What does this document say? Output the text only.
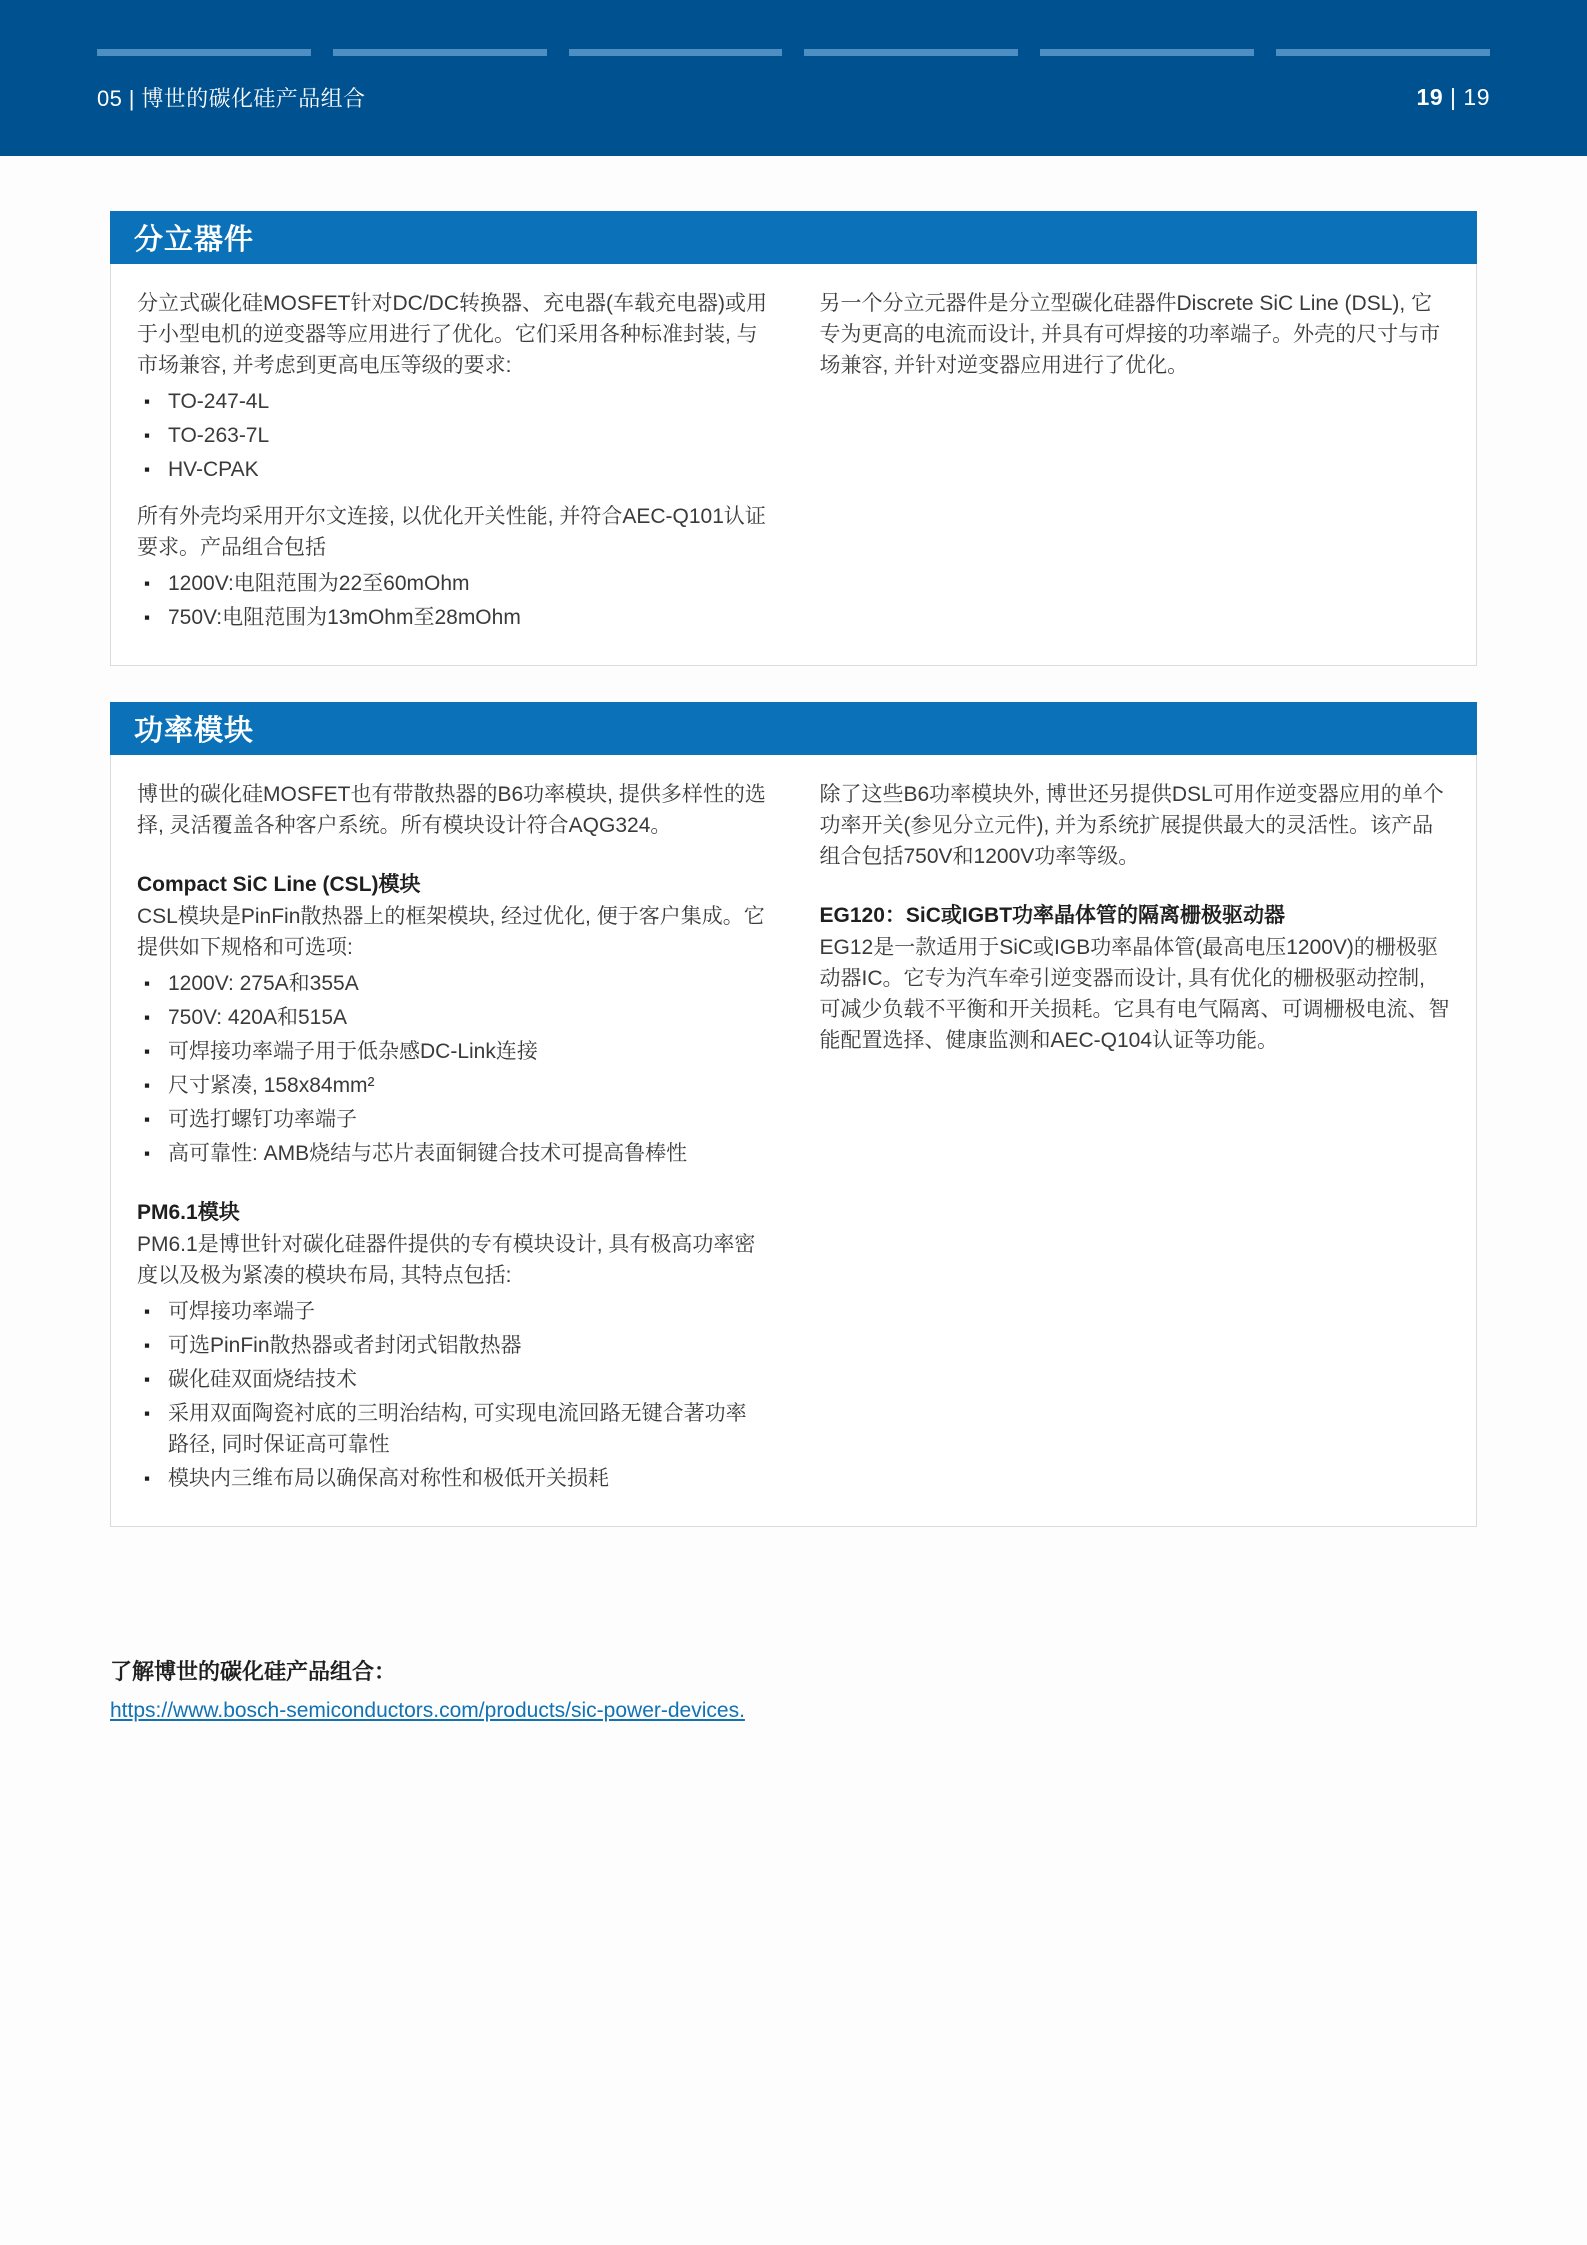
05 | 博世的碳化硅产品组合	19 | 19
分立器件

分立式碳化硅MOSFET针对DC/DC转换器、充电器(车载充电器)或用于小型电机的逆变器等应用进行了优化。它们采用各种标准封装, 与市场兼容, 并考虑到更高电压等级的要求:

▪ TO-247-4L
▪ TO-263-7L
▪ HV-CPAK

所有外壳均采用开尔文连接, 以优化开关性能, 并符合AEC-Q101认证要求。产品组合包括

▪ 1200V:电阻范围为22至60mOhm
▪ 750V:电阻范围为13mOhm至28mOhm

另一个分立元器件是分立型碳化硅器件Discrete SiC Line (DSL), 它专为更高的电流而设计, 并具有可焊接的功率端子。外壳的尺寸与市场兼容, 并针对逆变器应用进行了优化。

功率模块

博世的碳化硅MOSFET也有带散热器的B6功率模块, 提供多样性的选择, 灵活覆盖各种客户系统。所有模块设计符合AQG324。

Compact SiC Line (CSL)模块

CSL模块是PinFin散热器上的框架模块, 经过优化, 便于客户集成。它提供如下规格和可选项:

▪ 1200V: 275A和355A
▪ 750V: 420A和515A
▪ 可焊接功率端子用于低杂感DC-Link连接
▪ 尺寸紧凑, 158x84mm²
▪ 可选打螺钉功率端子
▪ 高可靠性: AMB烧结与芯片表面铜键合技术可提高鲁棒性

PM6.1模块

PM6.1是博世针对碳化硅器件提供的专有模块设计, 具有极高功率密度以及极为紧凑的模块布局, 其特点包括:

▪ 可焊接功率端子
▪ 可选PinFin散热器或者封闭式铝散热器
▪ 碳化硅双面烧结技术
▪ 采用双面陶瓷衬底的三明治结构, 可实现电流回路无键合著功率路径, 同时保证高可靠性
▪ 模块内三维布局以确保高对称性和极低开关损耗

除了这些B6功率模块外, 博世还另提供DSL可用作逆变器应用的单个功率开关(参见分立元件), 并为系统扩展提供最大的灵活性。该产品组合包括750V和1200V功率等级。

EG120：SiC或IGBT功率晶体管的隔离栅极驱动器

EG12是一款适用于SiC或IGB功率晶体管(最高电压1200V)的栅极驱动器IC。它专为汽车牵引逆变器而设计, 具有优化的栅极驱动控制, 可减少负载不平衡和开关损耗。它具有电气隔离、可调栅极电流、智能配置选择、健康监测和AEC-Q104认证等功能。

了解博世的碳化硅产品组合：

https://www.bosch-semiconductors.com/products/sic-power-devices.
